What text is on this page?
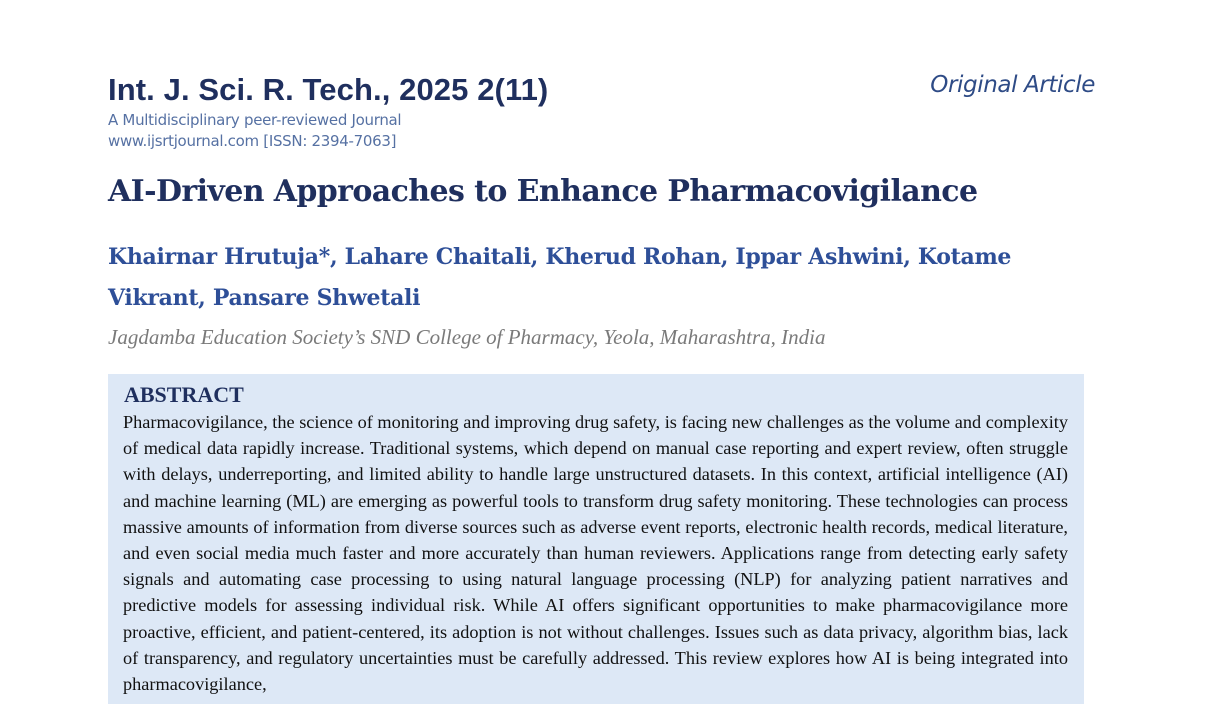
Int. J. Sci. R. Tech., 2025 2(11)
A Multidisciplinary peer-reviewed Journal
www.ijsrtjournal.com [ISSN: 2394-7063]
Original Article
AI-Driven Approaches to Enhance Pharmacovigilance
Khairnar Hrutuja*, Lahare Chaitali, Kherud Rohan, Ippar Ashwini, Kotame Vikrant, Pansare Shwetali
Jagdamba Education Society’s SND College of Pharmacy, Yeola, Maharashtra, India
ABSTRACT

Pharmacovigilance, the science of monitoring and improving drug safety, is facing new challenges as the volume and complexity of medical data rapidly increase. Traditional systems, which depend on manual case reporting and expert review, often struggle with delays, underreporting, and limited ability to handle large unstructured datasets. In this context, artificial intelligence (AI) and machine learning (ML) are emerging as powerful tools to transform drug safety monitoring. These technologies can process massive amounts of information from diverse sources such as adverse event reports, electronic health records, medical literature, and even social media much faster and more accurately than human reviewers. Applications range from detecting early safety signals and automating case processing to using natural language processing (NLP) for analyzing patient narratives and predictive models for assessing individual risk. While AI offers significant opportunities to make pharmacovigilance more proactive, efficient, and patient-centered, its adoption is not without challenges. Issues such as data privacy, algorithm bias, lack of transparency, and regulatory uncertainties must be carefully addressed. This review explores how AI is being integrated into pharmacovigilance,
